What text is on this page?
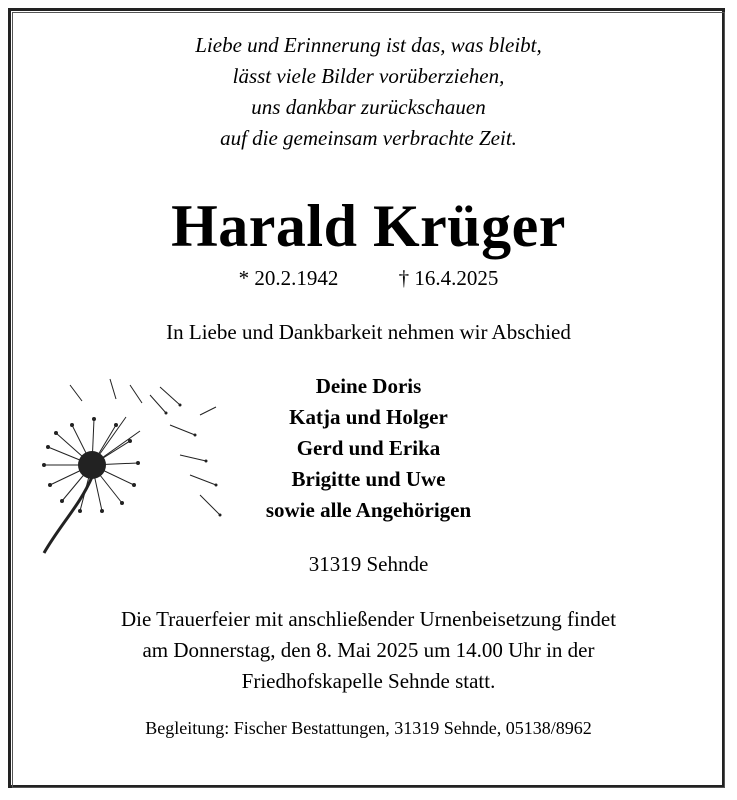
Liebe und Erinnerung ist das, was bleibt,
lässt viele Bilder vorüberziehen,
uns dankbar zurückschauen
auf die gemeinsam verbrachte Zeit.
Harald Krüger
* 20.2.1942	† 16.4.2025
In Liebe und Dankbarkeit nehmen wir Abschied
Deine Doris
Katja und Holger
Gerd und Erika
Brigitte und Uwe
sowie alle Angehörigen
31319 Sehnde
Die Trauerfeier mit anschließender Urnenbeisetzung findet
am Donnerstag, den 8. Mai 2025 um 14.00 Uhr in der
Friedhofskapelle Sehnde statt.
Begleitung: Fischer Bestattungen, 31319 Sehnde, 05138/8962
